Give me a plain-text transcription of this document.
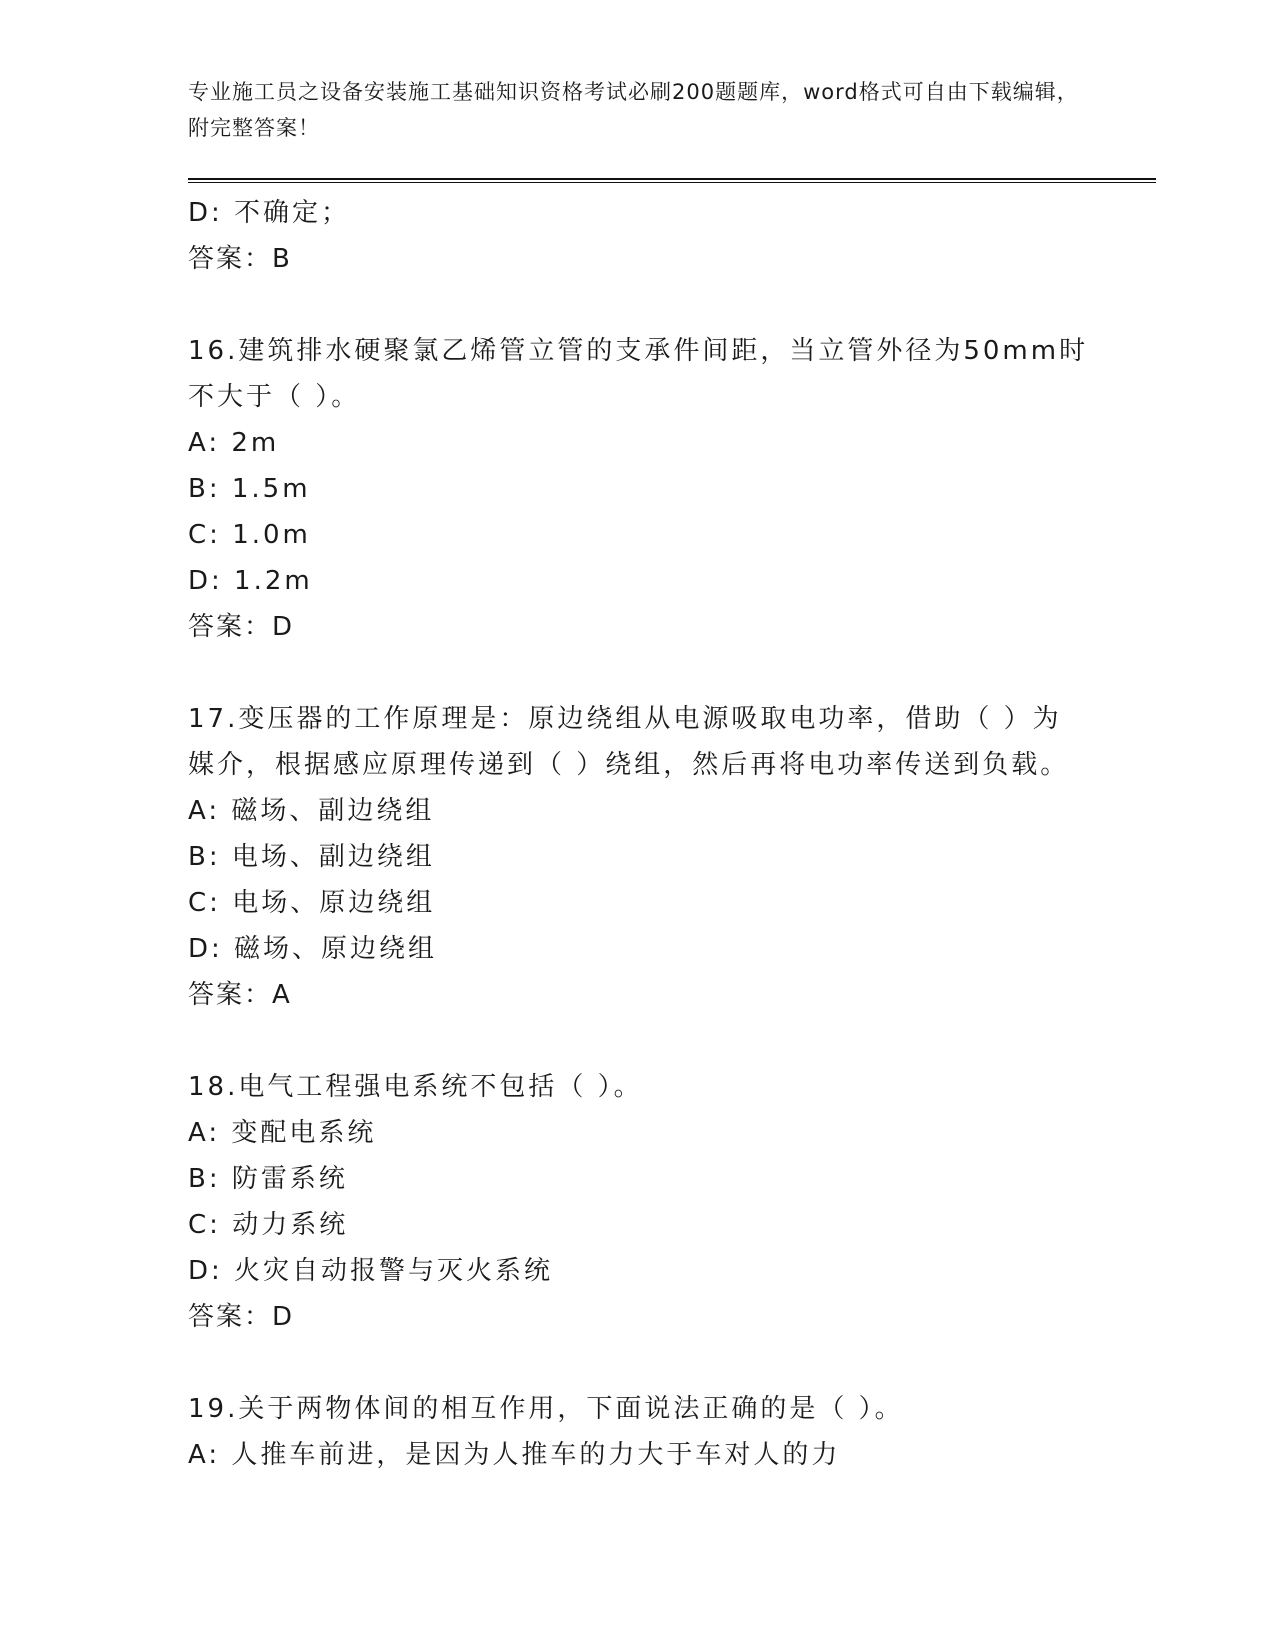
专业施工员之设备安装施工基础知识资格考试必刷200题题库，word格式可自由下载编辑，附完整答案！

D: 不确定；
答案：B
16.建筑排水硬聚氯乙烯管立管的支承件间距，当立管外径为50mm时
不大于（ ）。
A: 2m
B: 1.5m
C: 1.0m
D: 1.2m
答案：D
17.变压器的工作原理是：原边绕组从电源吸取电功率，借助（ ）为
媒介，根据感应原理传递到（ ）绕组，然后再将电功率传送到负载。
A: 磁场、副边绕组
B: 电场、副边绕组
C: 电场、原边绕组
D: 磁场、原边绕组
答案：A
18.电气工程强电系统不包括（ ）。
A: 变配电系统
B: 防雷系统
C: 动力系统
D: 火灾自动报警与灭火系统
答案：D
19.关于两物体间的相互作用，下面说法正确的是（ ）。
A: 人推车前进，是因为人推车的力大于车对人的力
